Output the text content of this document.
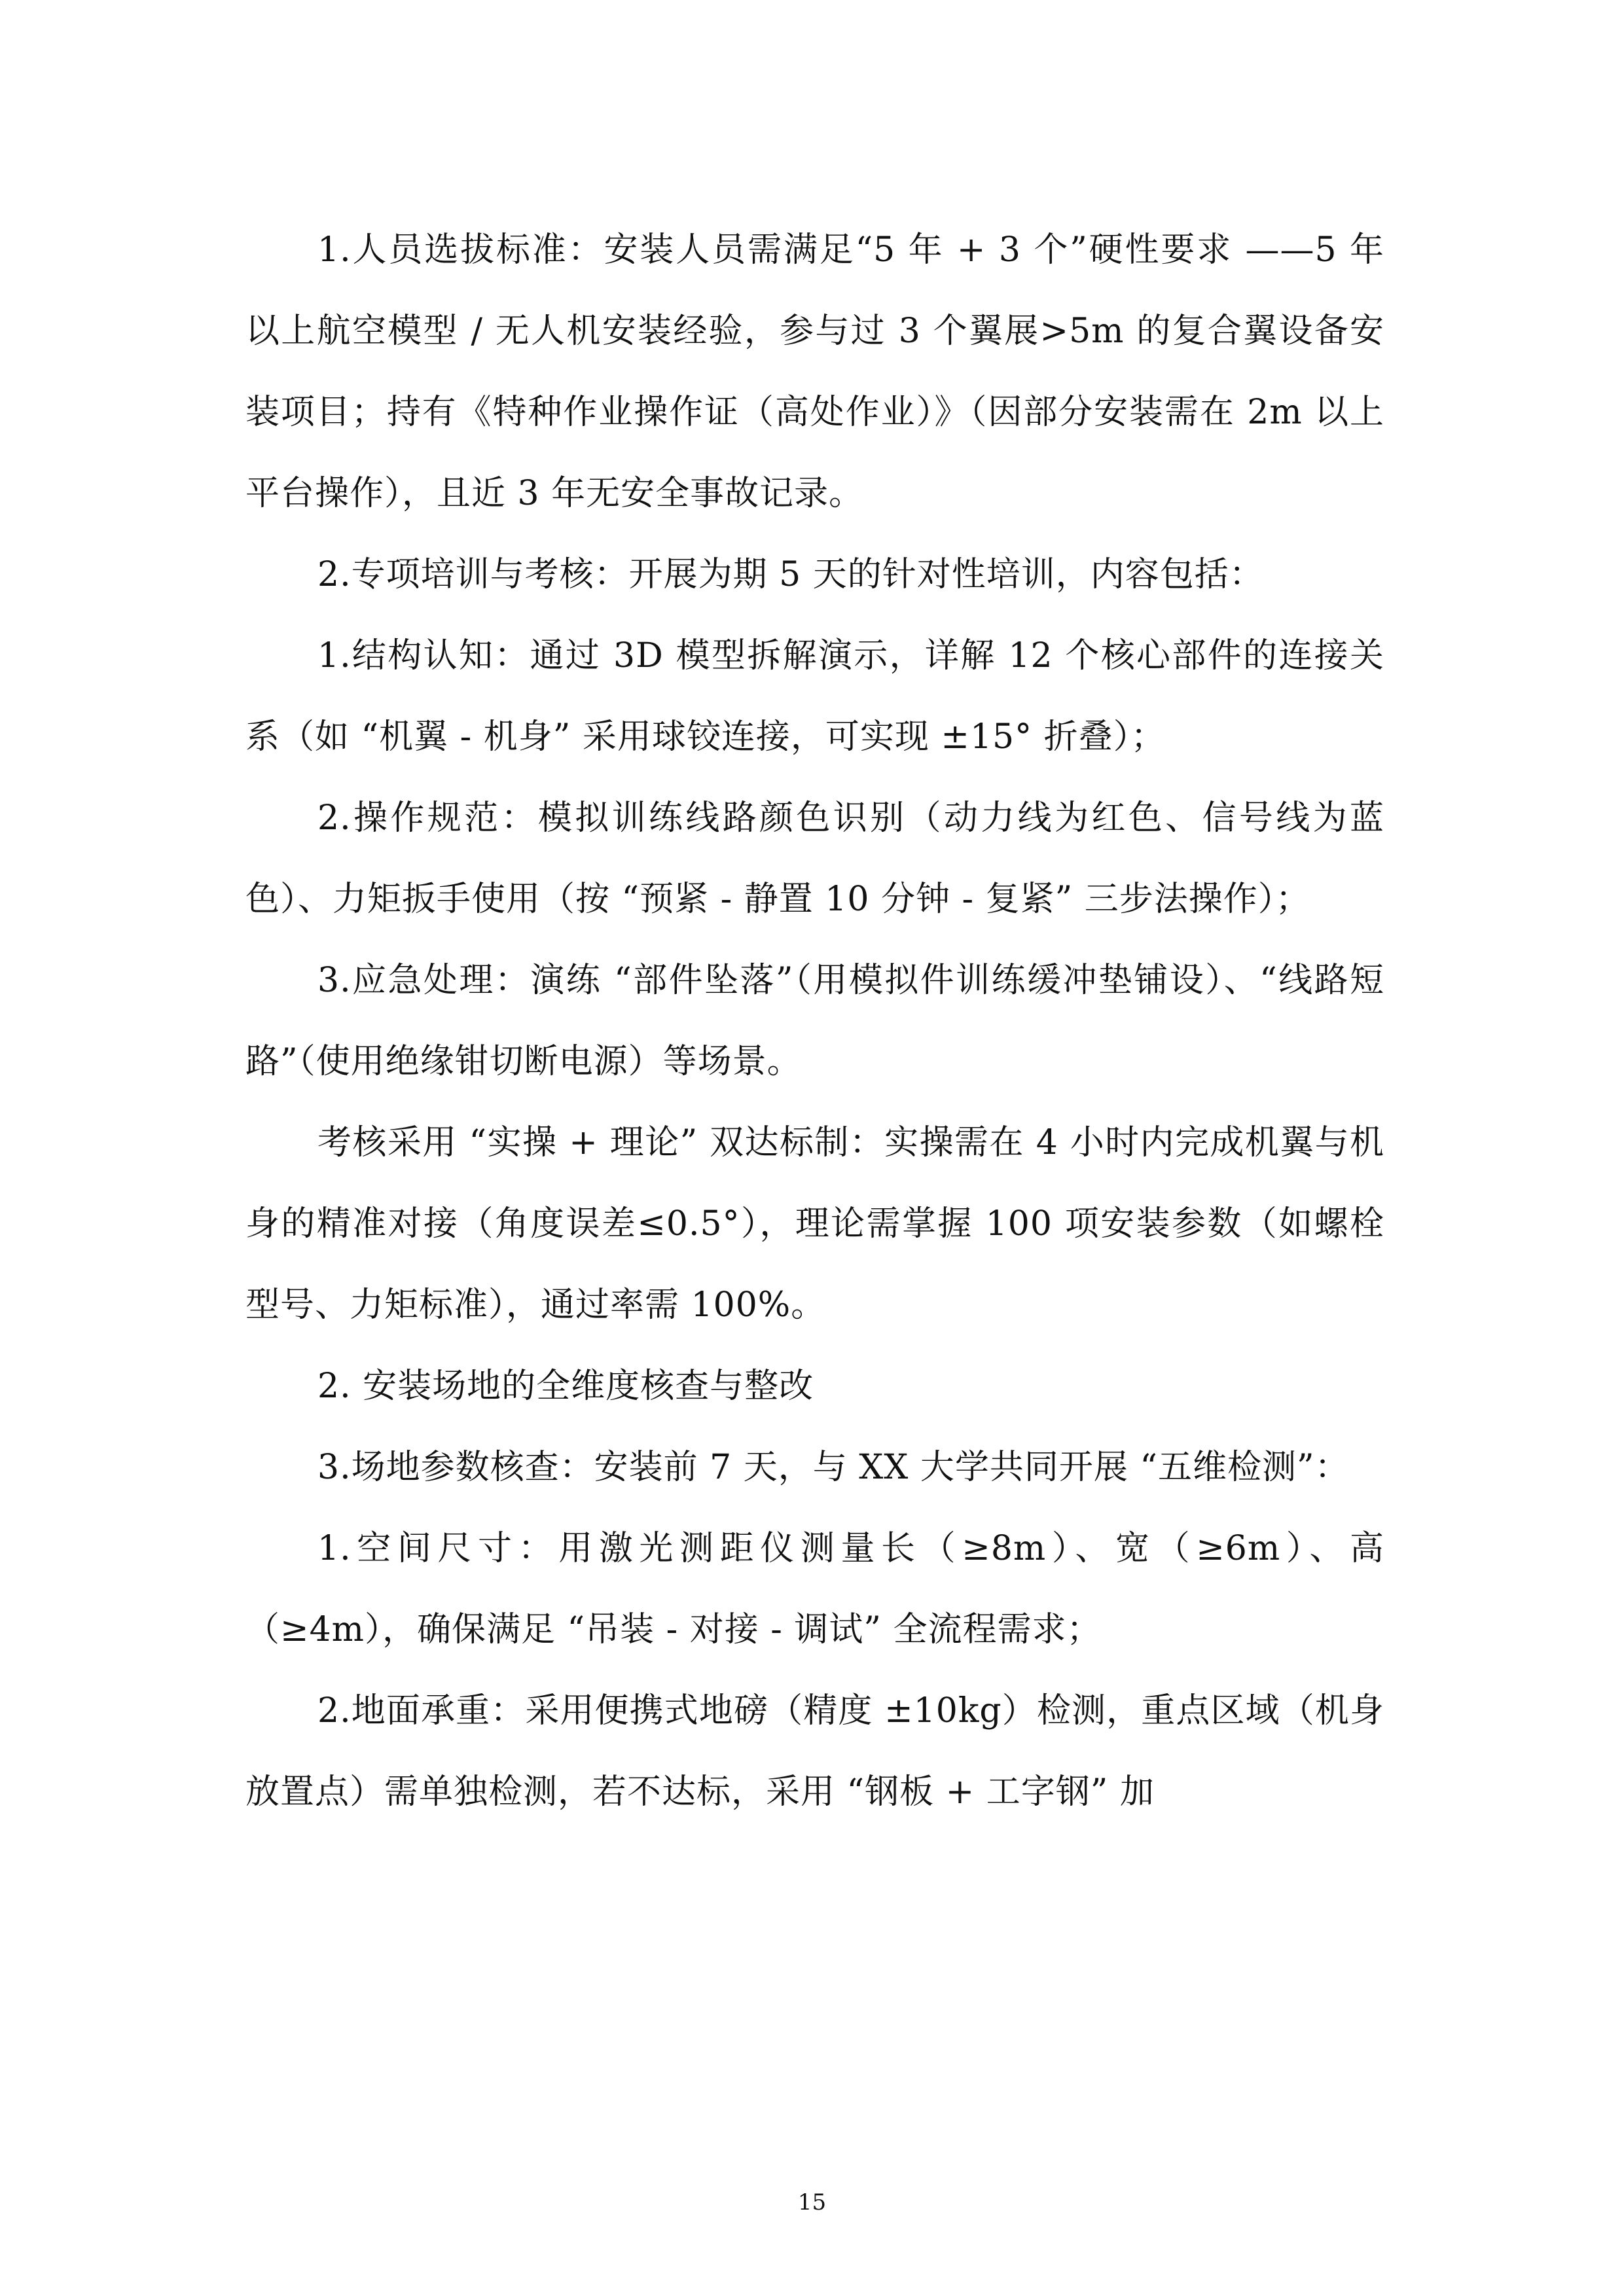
1.人员选拔标准：安装人员需满足“5 年 + 3 个”硬性要求 ——5 年以上航空模型 / 无人机安装经验，参与过 3 个翼展>5m 的复合翼设备安装项目；持有《特种作业操作证（高处作业）》（因部分安装需在 2m 以上平台操作），且近 3 年无安全事故记录。

2.专项培训与考核：开展为期 5 天的针对性培训，内容包括：

1.结构认知：通过 3D 模型拆解演示，详解 12 个核心部件的连接关系（如 “机翼 - 机身” 采用球铰连接，可实现 ±15° 折叠）；

2.操作规范：模拟训练线路颜色识别（动力线为红色、信号线为蓝色）、力矩扳手使用（按 “预紧 - 静置 10 分钟 - 复紧” 三步法操作）；

3.应急处理：演练 “部件坠落”（用模拟件训练缓冲垫铺设）、“线路短路”（使用绝缘钳切断电源）等场景。

考核采用 “实操 + 理论” 双达标制：实操需在 4 小时内完成机翼与机身的精准对接（角度误差≤0.5°），理论需掌握 100 项安装参数（如螺栓型号、力矩标准），通过率需 100%。

2. 安装场地的全维度核查与整改

3.场地参数核查：安装前 7 天，与 XX 大学共同开展 “五维检测”：

1.空间尺寸：用激光测距仪测量长（≥8m）、宽（≥6m）、高（≥4m），确保满足 “吊装 - 对接 - 调试” 全流程需求；

2.地面承重：采用便携式地磅（精度 ±10kg）检测，重点区域（机身放置点）需单独检测，若不达标，采用 “钢板 + 工字钢” 加

15
